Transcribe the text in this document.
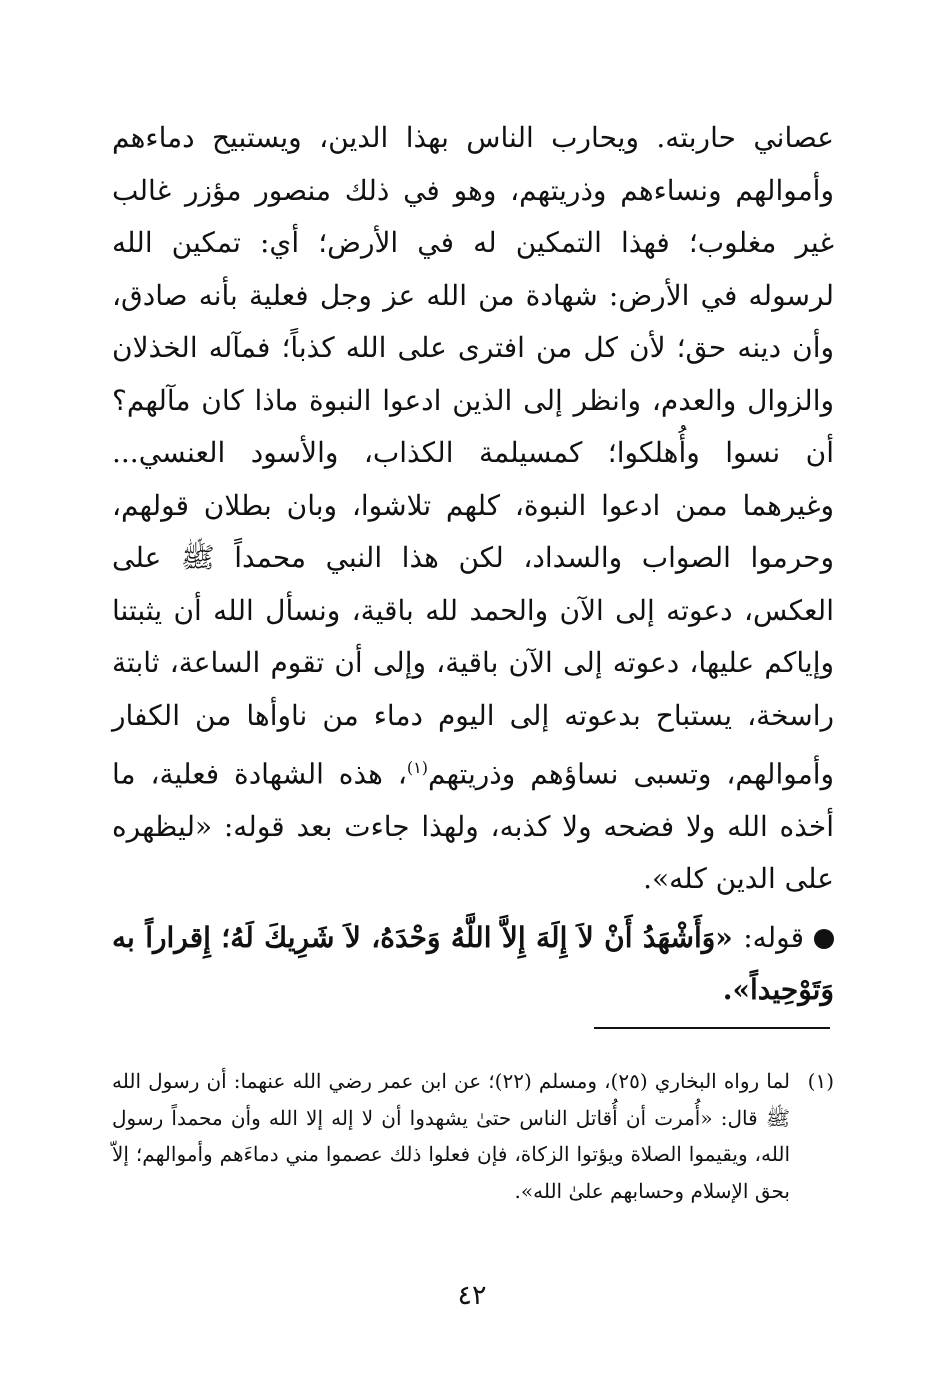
عصاني حاربته. ويحارب الناس بهذا الدين، ويستبيح دماءهم وأموالهم ونساءهم وذريتهم، وهو في ذلك منصور مؤزر غالب غير مغلوب؛ فهذا التمكين له في الأرض؛ أي: تمكين الله لرسوله في الأرض: شهادة من الله عز وجل فعلية بأنه صادق، وأن دينه حق؛ لأن كل من افترى على الله كذباً؛ فمآله الخذلان والزوال والعدم، وانظر إلى الذين ادعوا النبوة ماذا كان مآلهم؟ أن نسوا وأُهلكوا؛ كمسيلمة الكذاب، والأسود العنسي... وغيرهما ممن ادعوا النبوة، كلهم تلاشوا، وبان بطلان قولهم، وحرموا الصواب والسداد، لكن هذا النبي محمداً ﷺ على العكس، دعوته إلى الآن والحمد لله باقية، ونسأل الله أن يثبتنا وإياكم عليها، دعوته إلى الآن باقية، وإلى أن تقوم الساعة، ثابتة راسخة، يستباح بدعوته إلى اليوم دماء من ناوأها من الكفار وأموالهم، وتسبى نساؤهم وذريتهم$^{(١)}$، هذه الشهادة فعلية، ما أخذه الله ولا فضحه ولا كذبه، ولهذا جاءت بعد قوله: «ليظهره على الدين كله».

قوله: «وَأَشْهَدُ أَنْ لاَ إِلَهَ إِلاَّ اللَّهُ وَحْدَهُ، لاَ شَرِيكَ لَهُ؛ إِقراراً به وَتَوْحِيداً».

(١)

لما رواه البخاري (٢٥)، ومسلم (٢٢)؛ عن ابن عمر رضي الله عنهما: أن رسول الله ﷺ قال: «أُمرت أن أُقاتل الناس حتىٰ يشهدوا أن لا إله إلا الله وأن محمداً رسول الله، ويقيموا الصلاة ويؤتوا الزكاة، فإن فعلوا ذلك عصموا مني دماءَهم وأموالهم؛ إلاّ بحق الإسلام وحسابهم علىٰ الله».

٤٢
